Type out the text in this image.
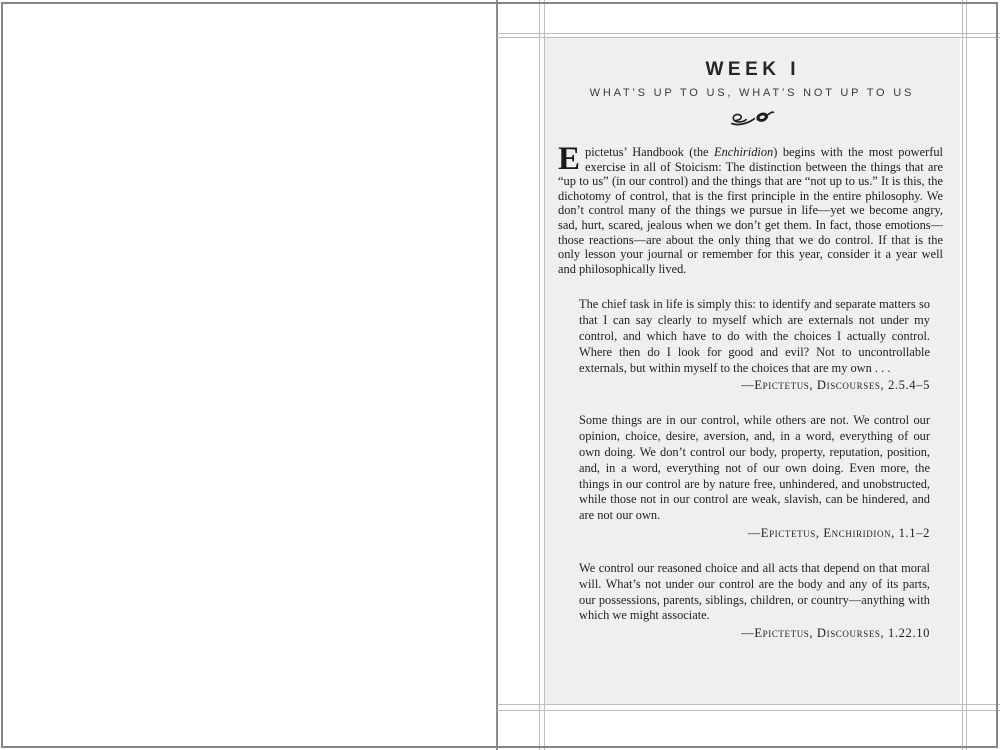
WEEK I
WHAT’S UP TO US, WHAT’S NOT UP TO US

Epictetus’ Handbook (the Enchiridion) begins with the most powerful exercise in all of Stoicism: The distinction between the things that are “up to us” (in our control) and the things that are “not up to us.” It is this, the dichotomy of control, that is the first principle in the entire philosophy. We don’t control many of the things we pursue in life—yet we become angry, sad, hurt, scared, jealous when we don’t get them. In fact, those emotions—those reactions—are about the only thing that we do control. If that is the only lesson your journal or remember for this year, consider it a year well and philosophically lived.

The chief task in life is simply this: to identify and separate matters so that I can say clearly to myself which are externals not under my control, and which have to do with the choices I actually control. Where then do I look for good and evil? Not to uncontrollable externals, but within myself to the choices that are my own . . .

—Epictetus, Discourses, 2.5.4–5

Some things are in our control, while others are not. We control our opinion, choice, desire, aversion, and, in a word, everything of our own doing. We don’t control our body, property, reputation, position, and, in a word, everything not of our own doing. Even more, the things in our control are by nature free, unhindered, and unobstructed, while those not in our control are weak, slavish, can be hindered, and are not our own.

—Epictetus, Enchiridion, 1.1–2

We control our reasoned choice and all acts that depend on that moral will. What’s not under our control are the body and any of its parts, our possessions, parents, siblings, children, or country—anything with which we might associate.

—Epictetus, Discourses, 1.22.10
